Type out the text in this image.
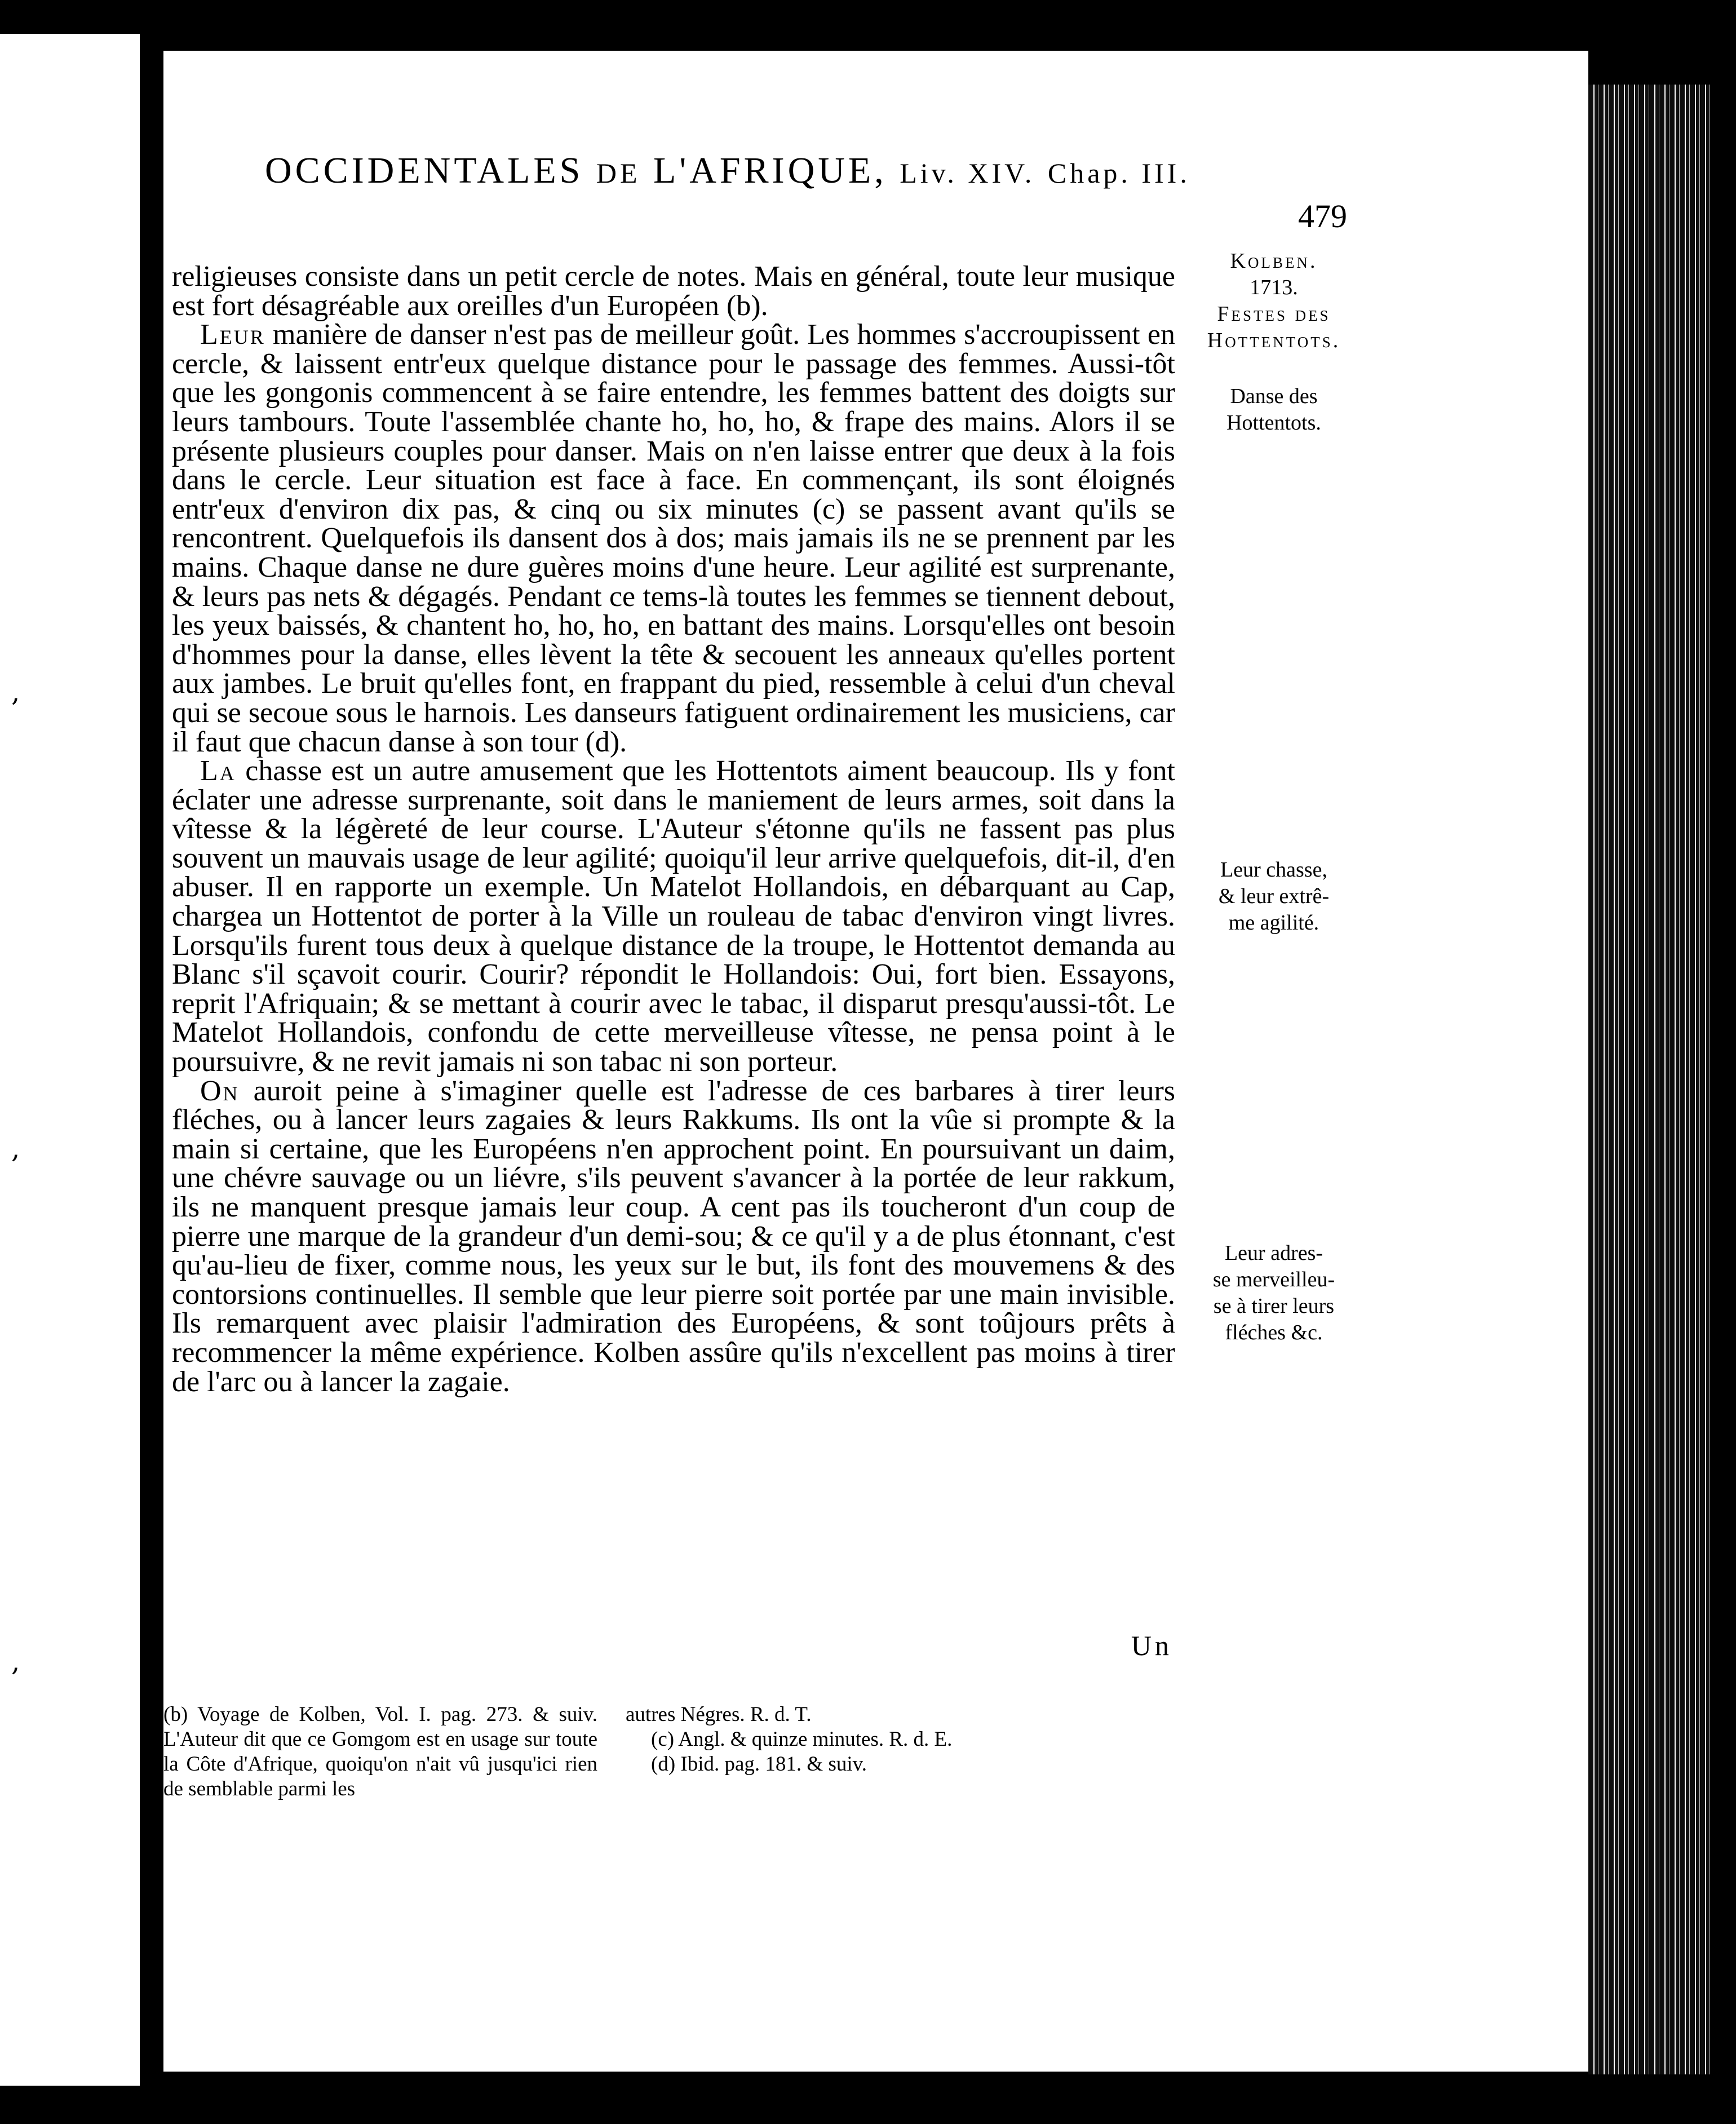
,
,
,
OCCIDENTALES DE L'AFRIQUE, Liv. XIV. Chap. III.
479

religieuses consiste dans un petit cercle de notes. Mais en général, toute leur musique est fort désagréable aux oreilles d'un Européen (b).

Leur manière de danser n'est pas de meilleur goût. Les hommes s'accroupissent en cercle, & laissent entr'eux quelque distance pour le passage des femmes. Aussi-tôt que les gongonis commencent à se faire entendre, les femmes battent des doigts sur leurs tambours. Toute l'assemblée chante ho, ho, ho, & frape des mains. Alors il se présente plusieurs couples pour danser. Mais on n'en laisse entrer que deux à la fois dans le cercle. Leur situation est face à face. En commençant, ils sont éloignés entr'eux d'environ dix pas, & cinq ou six minutes (c) se passent avant qu'ils se rencontrent. Quelquefois ils dansent dos à dos; mais jamais ils ne se prennent par les mains. Chaque danse ne dure guères moins d'une heure. Leur agilité est surprenante, & leurs pas nets & dégagés. Pendant ce tems-là toutes les femmes se tiennent debout, les yeux baissés, & chantent ho, ho, ho, en battant des mains. Lorsqu'elles ont besoin d'hommes pour la danse, elles lèvent la tête & secouent les anneaux qu'elles portent aux jambes. Le bruit qu'elles font, en frappant du pied, ressemble à celui d'un cheval qui se secoue sous le harnois. Les danseurs fatiguent ordinairement les musiciens, car il faut que chacun danse à son tour (d).

La chasse est un autre amusement que les Hottentots aiment beaucoup. Ils y font éclater une adresse surprenante, soit dans le maniement de leurs armes, soit dans la vîtesse & la légèreté de leur course. L'Auteur s'étonne qu'ils ne fassent pas plus souvent un mauvais usage de leur agilité; quoiqu'il leur arrive quelquefois, dit-il, d'en abuser. Il en rapporte un exemple. Un Matelot Hollandois, en débarquant au Cap, chargea un Hottentot de porter à la Ville un rouleau de tabac d'environ vingt livres. Lorsqu'ils furent tous deux à quelque distance de la troupe, le Hottentot demanda au Blanc s'il sçavoit courir. Courir? répondit le Hollandois: Oui, fort bien. Essayons, reprit l'Afriquain; & se mettant à courir avec le tabac, il disparut presqu'aussi-tôt. Le Matelot Hollandois, confondu de cette merveilleuse vîtesse, ne pensa point à le poursuivre, & ne revit jamais ni son tabac ni son porteur.

On auroit peine à s'imaginer quelle est l'adresse de ces barbares à tirer leurs fléches, ou à lancer leurs zagaies & leurs Rakkums. Ils ont la vûe si prompte & la main si certaine, que les Européens n'en approchent point. En poursuivant un daim, une chévre sauvage ou un liévre, s'ils peuvent s'avancer à la portée de leur rakkum, ils ne manquent presque jamais leur coup. A cent pas ils toucheront d'un coup de pierre une marque de la grandeur d'un demi-sou; & ce qu'il y a de plus étonnant, c'est qu'au-lieu de fixer, comme nous, les yeux sur le but, ils font des mouvemens & des contorsions continuelles. Il semble que leur pierre soit portée par une main invisible. Ils remarquent avec plaisir l'admiration des Européens, & sont toûjours prêts à recommencer la même expérience. Kolben assûre qu'ils n'excellent pas moins à tirer de l'arc ou à lancer la zagaie.

Un
Kolben.
1713.
Festes des
Hottentots.
Danse des
Hottentots.
Leur chasse,
& leur extrê-
me agilité.
Leur adres-
se merveilleu-
se à tirer leurs
fléches &c.
(b) Voyage de Kolben, Vol. I. pag. 273. & suiv. L'Auteur dit que ce Gomgom est en usage sur toute la Côte d'Afrique, quoiqu'on n'ait vû jusqu'ici rien de semblable parmi les
autres Négres. R. d. T.
(c) Angl. & quinze minutes. R. d. E.
(d) Ibid. pag. 181. & suiv.
